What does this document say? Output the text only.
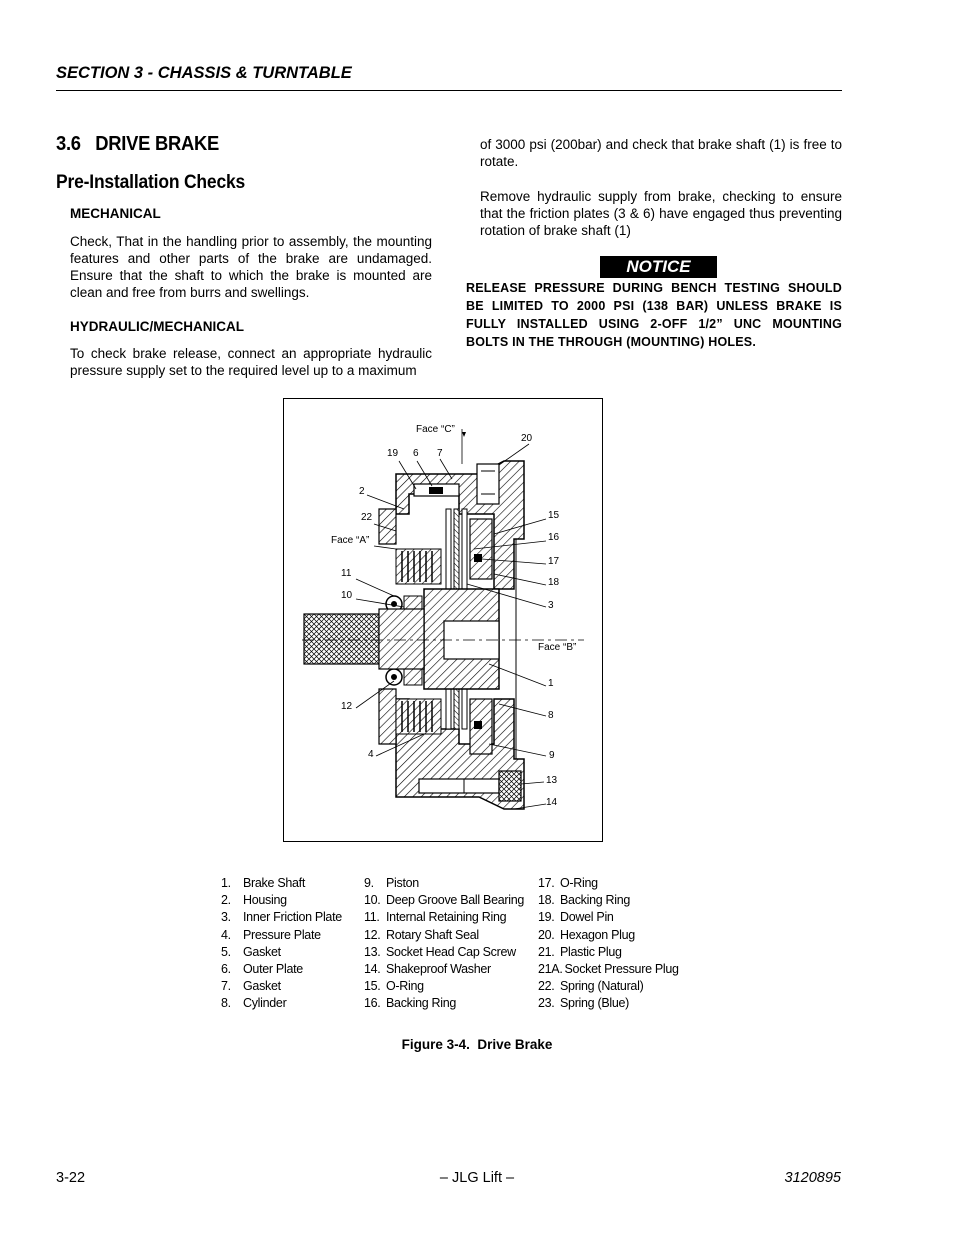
SECTION 3 - CHASSIS & TURNTABLE
3.6   DRIVE BRAKE
Pre-Installation Checks
MECHANICAL
Check, That in the handling prior to assembly, the mounting features and other parts of the brake are undamaged. Ensure that the shaft to which the brake is mounted are clean and free from burrs and swellings.
HYDRAULIC/MECHANICAL
To check brake release, connect an appropriate hydraulic pressure supply set to the required level up to a maximum
of 3000 psi (200bar) and check that brake shaft (1) is free to rotate.
Remove hydraulic supply from brake, checking to ensure that the friction plates (3 & 6) have engaged thus preventing rotation of brake shaft (1)
NOTICE
RELEASE PRESSURE DURING BENCH TESTING SHOULD BE LIMITED TO 2000 PSI (138 BAR) UNLESS BRAKE IS FULLY INSTALLED USING 2-OFF 1/2” UNC MOUNTING BOLTS IN THE THROUGH (MOUNTING) HOLES.
Face “C”
20
19 6 7
2
22
Face “A”
15
16
17
18
11
10
3
Face “B”
1
12
8
4	9
13
14
1. Brake Shaft
2. Housing
3. Inner Friction Plate
4. Pressure Plate
5. Gasket
6. Outer Plate
7. Gasket
8. Cylinder
9. Piston
10. Deep Groove Ball Bearing
11. Internal Retaining Ring
12. Rotary Shaft Seal
13. Socket Head Cap Screw
14. Shakeproof Washer
15. O-Ring
16. Backing Ring
17. O-Ring
18. Backing Ring
19. Dowel Pin
20. Hexagon Plug
21. Plastic Plug
21A. Socket Pressure Plug
22. Spring (Natural)
23. Spring (Blue)
Figure 3-4.  Drive Brake
3-22	– JLG Lift –	3120895
